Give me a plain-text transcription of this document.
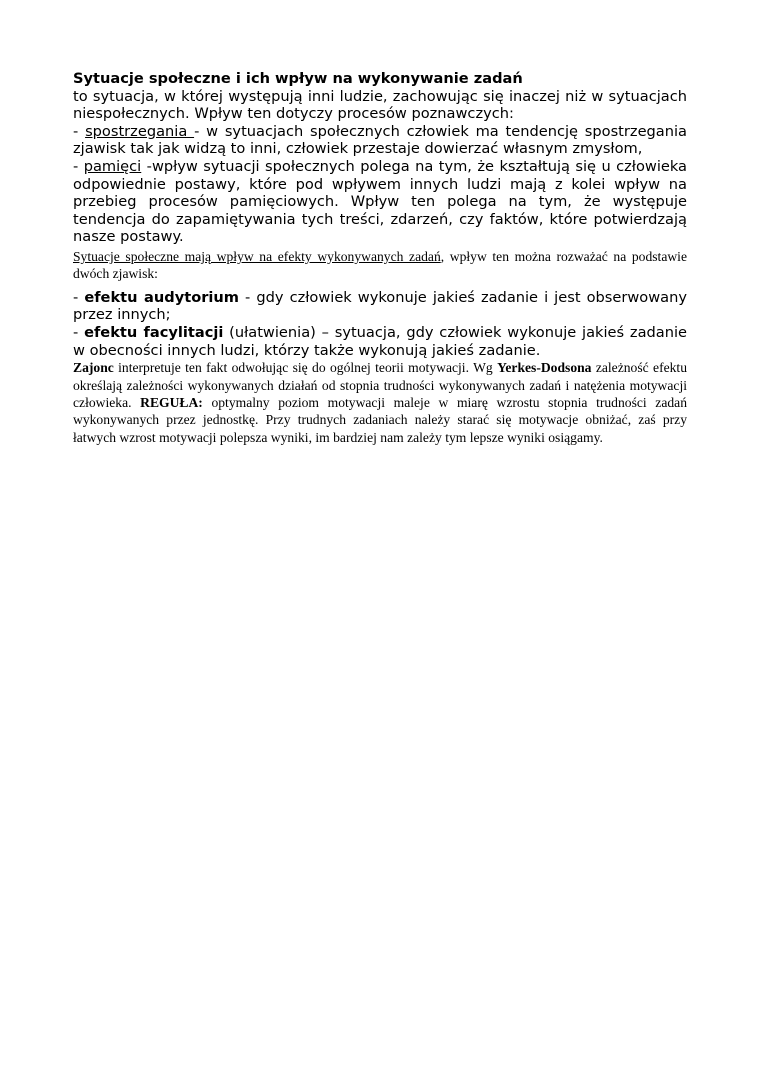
Sytuacje społeczne i ich wpływ na wykonywanie zadań

to sytuacja, w której występują inni ludzie, zachowując się inaczej niż w sytuacjach niespołecznych. Wpływ ten dotyczy procesów poznawczych:

- spostrzegania - w sytuacjach społecznych człowiek ma tendencję spostrzegania zjawisk tak jak widzą to inni, człowiek przestaje dowierzać własnym zmysłom,

- pamięci -wpływ sytuacji społecznych polega na tym, że kształtują się u człowieka odpowiednie postawy, które pod wpływem innych ludzi mają z kolei wpływ na przebieg procesów pamięciowych. Wpływ ten polega na tym, że występuje tendencja do zapamiętywania tych treści, zdarzeń, czy faktów, które potwierdzają nasze postawy.

Sytuacje społeczne mają wpływ na efekty wykonywanych zadań, wpływ ten można rozważać na podstawie dwóch zjawisk:

- efektu audytorium - gdy człowiek wykonuje jakieś zadanie i jest obserwowany przez innych;

- efektu facylitacji (ułatwienia) – sytuacja, gdy człowiek wykonuje jakieś zadanie w obecności innych ludzi, którzy także wykonują jakieś zadanie.

Zajonc interpretuje ten fakt odwołując się do ogólnej teorii motywacji. Wg Yerkes-Dodsona zależność efektu określają zależności wykonywanych działań od stopnia trudności wykonywanych zadań i natężenia motywacji człowieka. REGUŁA: optymalny poziom motywacji maleje w miarę wzrostu stopnia trudności zadań wykonywanych przez jednostkę. Przy trudnych zadaniach należy starać się motywacje obniżać, zaś przy łatwych wzrost motywacji polepsza wyniki, im bardziej nam zależy tym lepsze wyniki osiągamy.
